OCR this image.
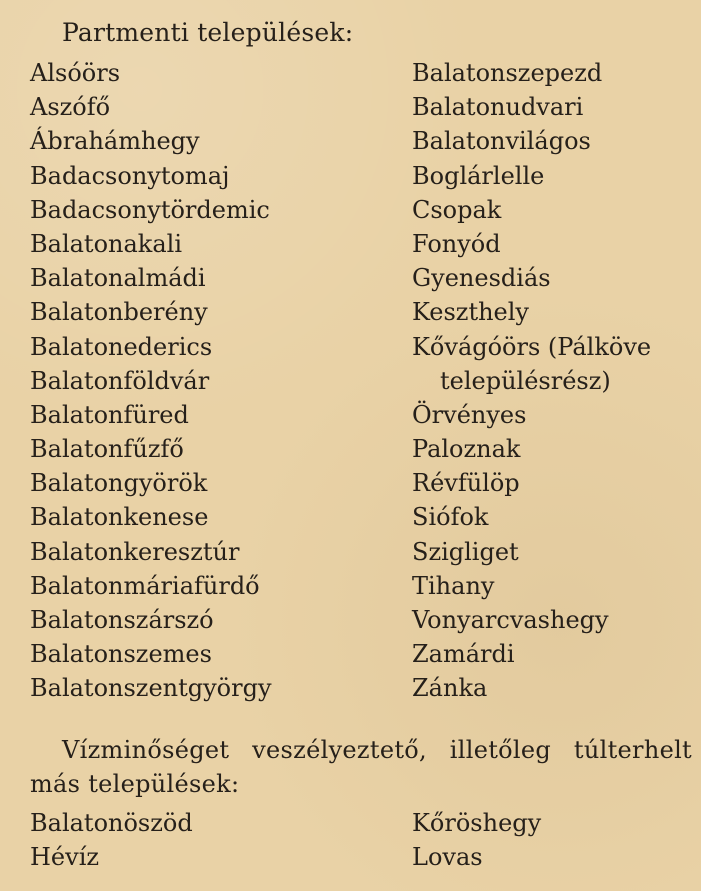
Partmenti települések:
Alsóörs
Aszófő
Ábrahámhegy
Badacsonytomaj
Badacsonytördemic
Balatonakali
Balatonalmádi
Balatonberény
Balatonederics
Balatonföldvár
Balatonfüred
Balatonfűzfő
Balatongyörök
Balatonkenese
Balatonkeresztúr
Balatonmáriafürdő
Balatonszárszó
Balatonszemes
Balatonszentgyörgy
Balatonszepezd
Balatonudvari
Balatonvilágos
Boglárlelle
Csopak
Fonyód
Gyenesdiás
Keszthely
Kővágóörs (Pálköve
településrész)
Örvényes
Paloznak
Révfülöp
Siófok
Szigliget
Tihany
Vonyarcvashegy
Zamárdi
Zánka
Vízminőséget veszélyeztető, illetőleg túlterhelt más települések:
Balatonöszöd
Hévíz
Kőröshegy
Lovas
